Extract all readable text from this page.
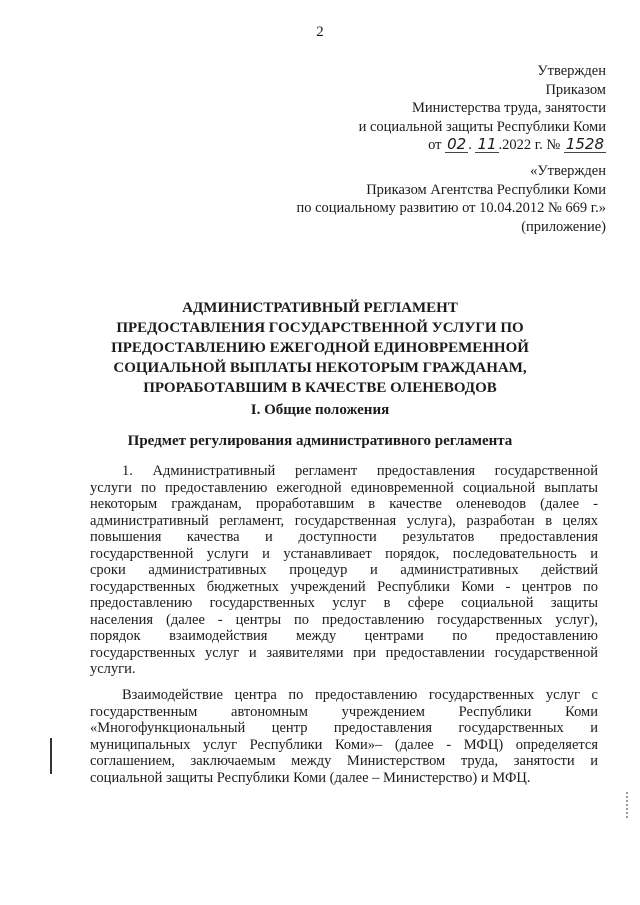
2
Утвержден
Приказом
Министерства труда, занятости
и социальной защиты Республики Коми
от 02 . 11 .2022 г. № 1528
«Утвержден
Приказом Агентства Республики Коми
по социальному развитию от 10.04.2012 № 669 г.»
(приложение)
АДМИНИСТРАТИВНЫЙ РЕГЛАМЕНТ
ПРЕДОСТАВЛЕНИЯ ГОСУДАРСТВЕННОЙ УСЛУГИ ПО
ПРЕДОСТАВЛЕНИЮ ЕЖЕГОДНОЙ ЕДИНОВРЕМЕННОЙ
СОЦИАЛЬНОЙ ВЫПЛАТЫ НЕКОТОРЫМ ГРАЖДАНАМ,
ПРОРАБОТАВШИМ В КАЧЕСТВЕ ОЛЕНЕВОДОВ
I. Общие положения
Предмет регулирования административного регламента
1. Административный регламент предоставления государственной
услуги по предоставлению ежегодной единовременной социальной выплаты
некоторым гражданам, проработавшим в качестве оленеводов (далее -
административный регламент, государственная услуга), разработан в целях
повышения качества и доступности результатов предоставления
государственной услуги и устанавливает порядок, последовательность и
сроки административных процедур и административных действий
государственных бюджетных учреждений Республики Коми - центров по
предоставлению государственных услуг в сфере социальной защиты
населения (далее - центры по предоставлению государственных услуг),
порядок взаимодействия между центрами по предоставлению
государственных услуг и заявителями при предоставлении государственной
услуги.
Взаимодействие центра по предоставлению государственных услуг с
государственным автономным учреждением Республики Коми
«Многофункциональный центр предоставления государственных и
муниципальных услуг Республики Коми»– (далее - МФЦ) определяется
соглашением, заключаемым между Министерством труда, занятости и
социальной защиты Республики Коми (далее – Министерство) и МФЦ.
